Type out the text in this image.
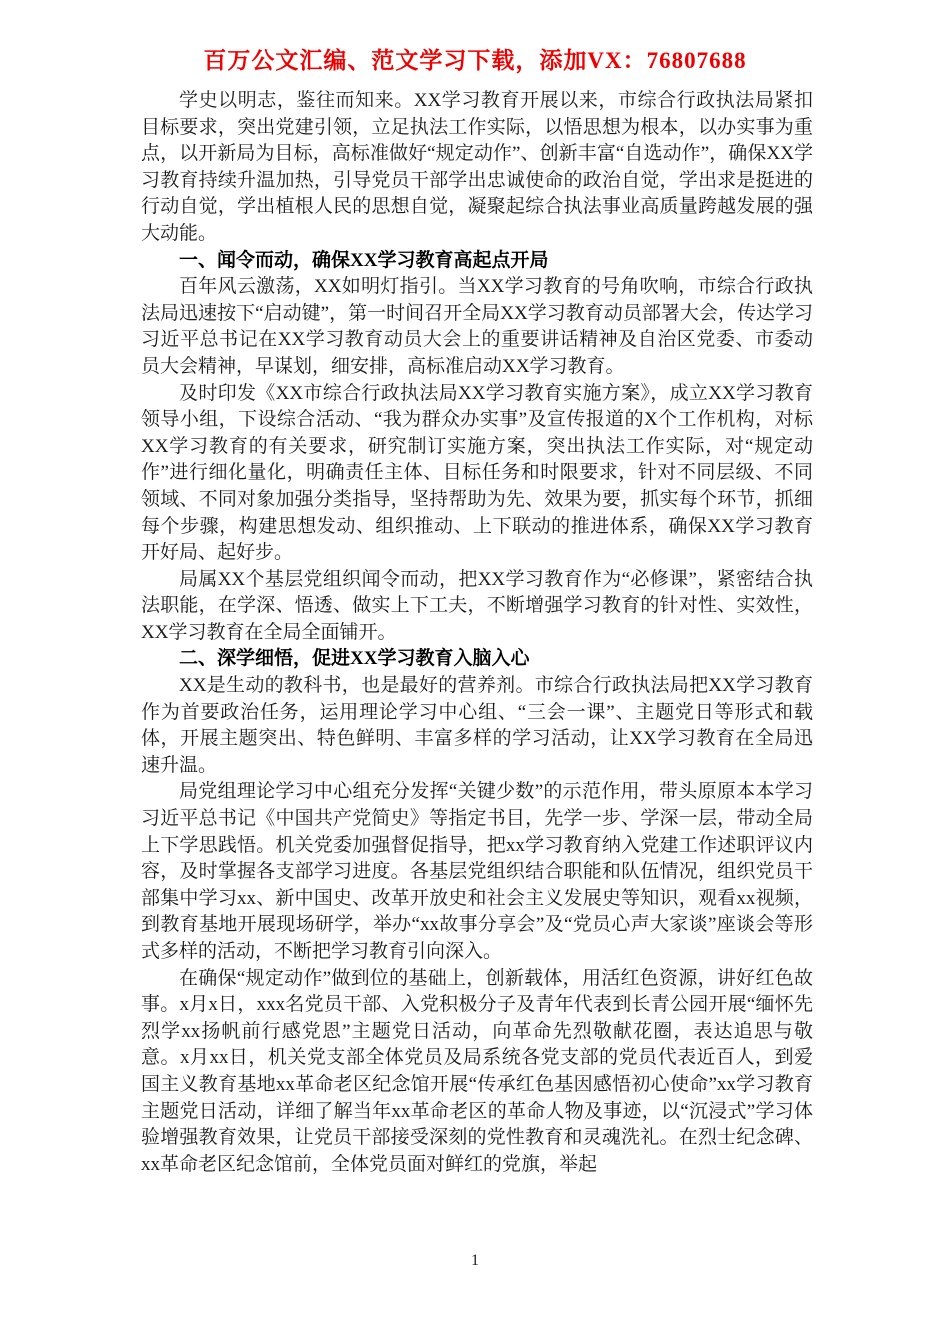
百万公文汇编、范文学习下载，添加VX：76807688

学史以明志，鉴往而知来。XX学习教育开展以来，市综合行政执法局紧扣目标要求，突出党建引领，立足执法工作实际，以悟思想为根本，以办实事为重点，以开新局为目标，高标准做好“规定动作”、创新丰富“自选动作”，确保XX学习教育持续升温加热，引导党员干部学出忠诚使命的政治自觉，学出求是挺进的行动自觉，学出植根人民的思想自觉，凝聚起综合执法事业高质量跨越发展的强大动能。

一、闻令而动，确保XX学习教育高起点开局

百年风云激荡，XX如明灯指引。当XX学习教育的号角吹响，市综合行政执法局迅速按下“启动键”，第一时间召开全局XX学习教育动员部署大会，传达学习习近平总书记在XX学习教育动员大会上的重要讲话精神及自治区党委、市委动员大会精神，早谋划，细安排，高标准启动XX学习教育。

及时印发《XX市综合行政执法局XX学习教育实施方案》，成立XX学习教育领导小组，下设综合活动、“我为群众办实事”及宣传报道的X个工作机构，对标XX学习教育的有关要求，研究制订实施方案，突出执法工作实际，对“规定动作”进行细化量化，明确责任主体、目标任务和时限要求，针对不同层级、不同领域、不同对象加强分类指导，坚持帮助为先、效果为要，抓实每个环节，抓细每个步骤，构建思想发动、组织推动、上下联动的推进体系，确保XX学习教育开好局、起好步。

局属XX个基层党组织闻令而动，把XX学习教育作为“必修课”，紧密结合执法职能，在学深、悟透、做实上下工夫，不断增强学习教育的针对性、实效性，XX学习教育在全局全面铺开。

二、深学细悟，促进XX学习教育入脑入心

XX是生动的教科书，也是最好的营养剂。市综合行政执法局把XX学习教育作为首要政治任务，运用理论学习中心组、“三会一课”、主题党日等形式和载体，开展主题突出、特色鲜明、丰富多样的学习活动，让XX学习教育在全局迅速升温。

局党组理论学习中心组充分发挥“关键少数”的示范作用，带头原原本本学习习近平总书记《中国共产党简史》等指定书目，先学一步、学深一层，带动全局上下学思践悟。机关党委加强督促指导，把xx学习教育纳入党建工作述职评议内容，及时掌握各支部学习进度。各基层党组织结合职能和队伍情况，组织党员干部集中学习xx、新中国史、改革开放史和社会主义发展史等知识，观看xx视频，到教育基地开展现场研学，举办“xx故事分享会”及“党员心声大家谈”座谈会等形式多样的活动，不断把学习教育引向深入。

在确保“规定动作”做到位的基础上，创新载体，用活红色资源，讲好红色故事。x月x日，xxx名党员干部、入党积极分子及青年代表到长青公园开展“缅怀先烈学xx扬帆前行感党恩”主题党日活动，向革命先烈敬献花圈，表达追思与敬意。x月xx日，机关党支部全体党员及局系统各党支部的党员代表近百人，到爱国主义教育基地xx革命老区纪念馆开展“传承红色基因感悟初心使命”xx学习教育主题党日活动，详细了解当年xx革命老区的革命人物及事迹，以“沉浸式”学习体验增强教育效果，让党员干部接受深刻的党性教育和灵魂洗礼。在烈士纪念碑、xx革命老区纪念馆前，全体党员面对鲜红的党旗，举起

1
